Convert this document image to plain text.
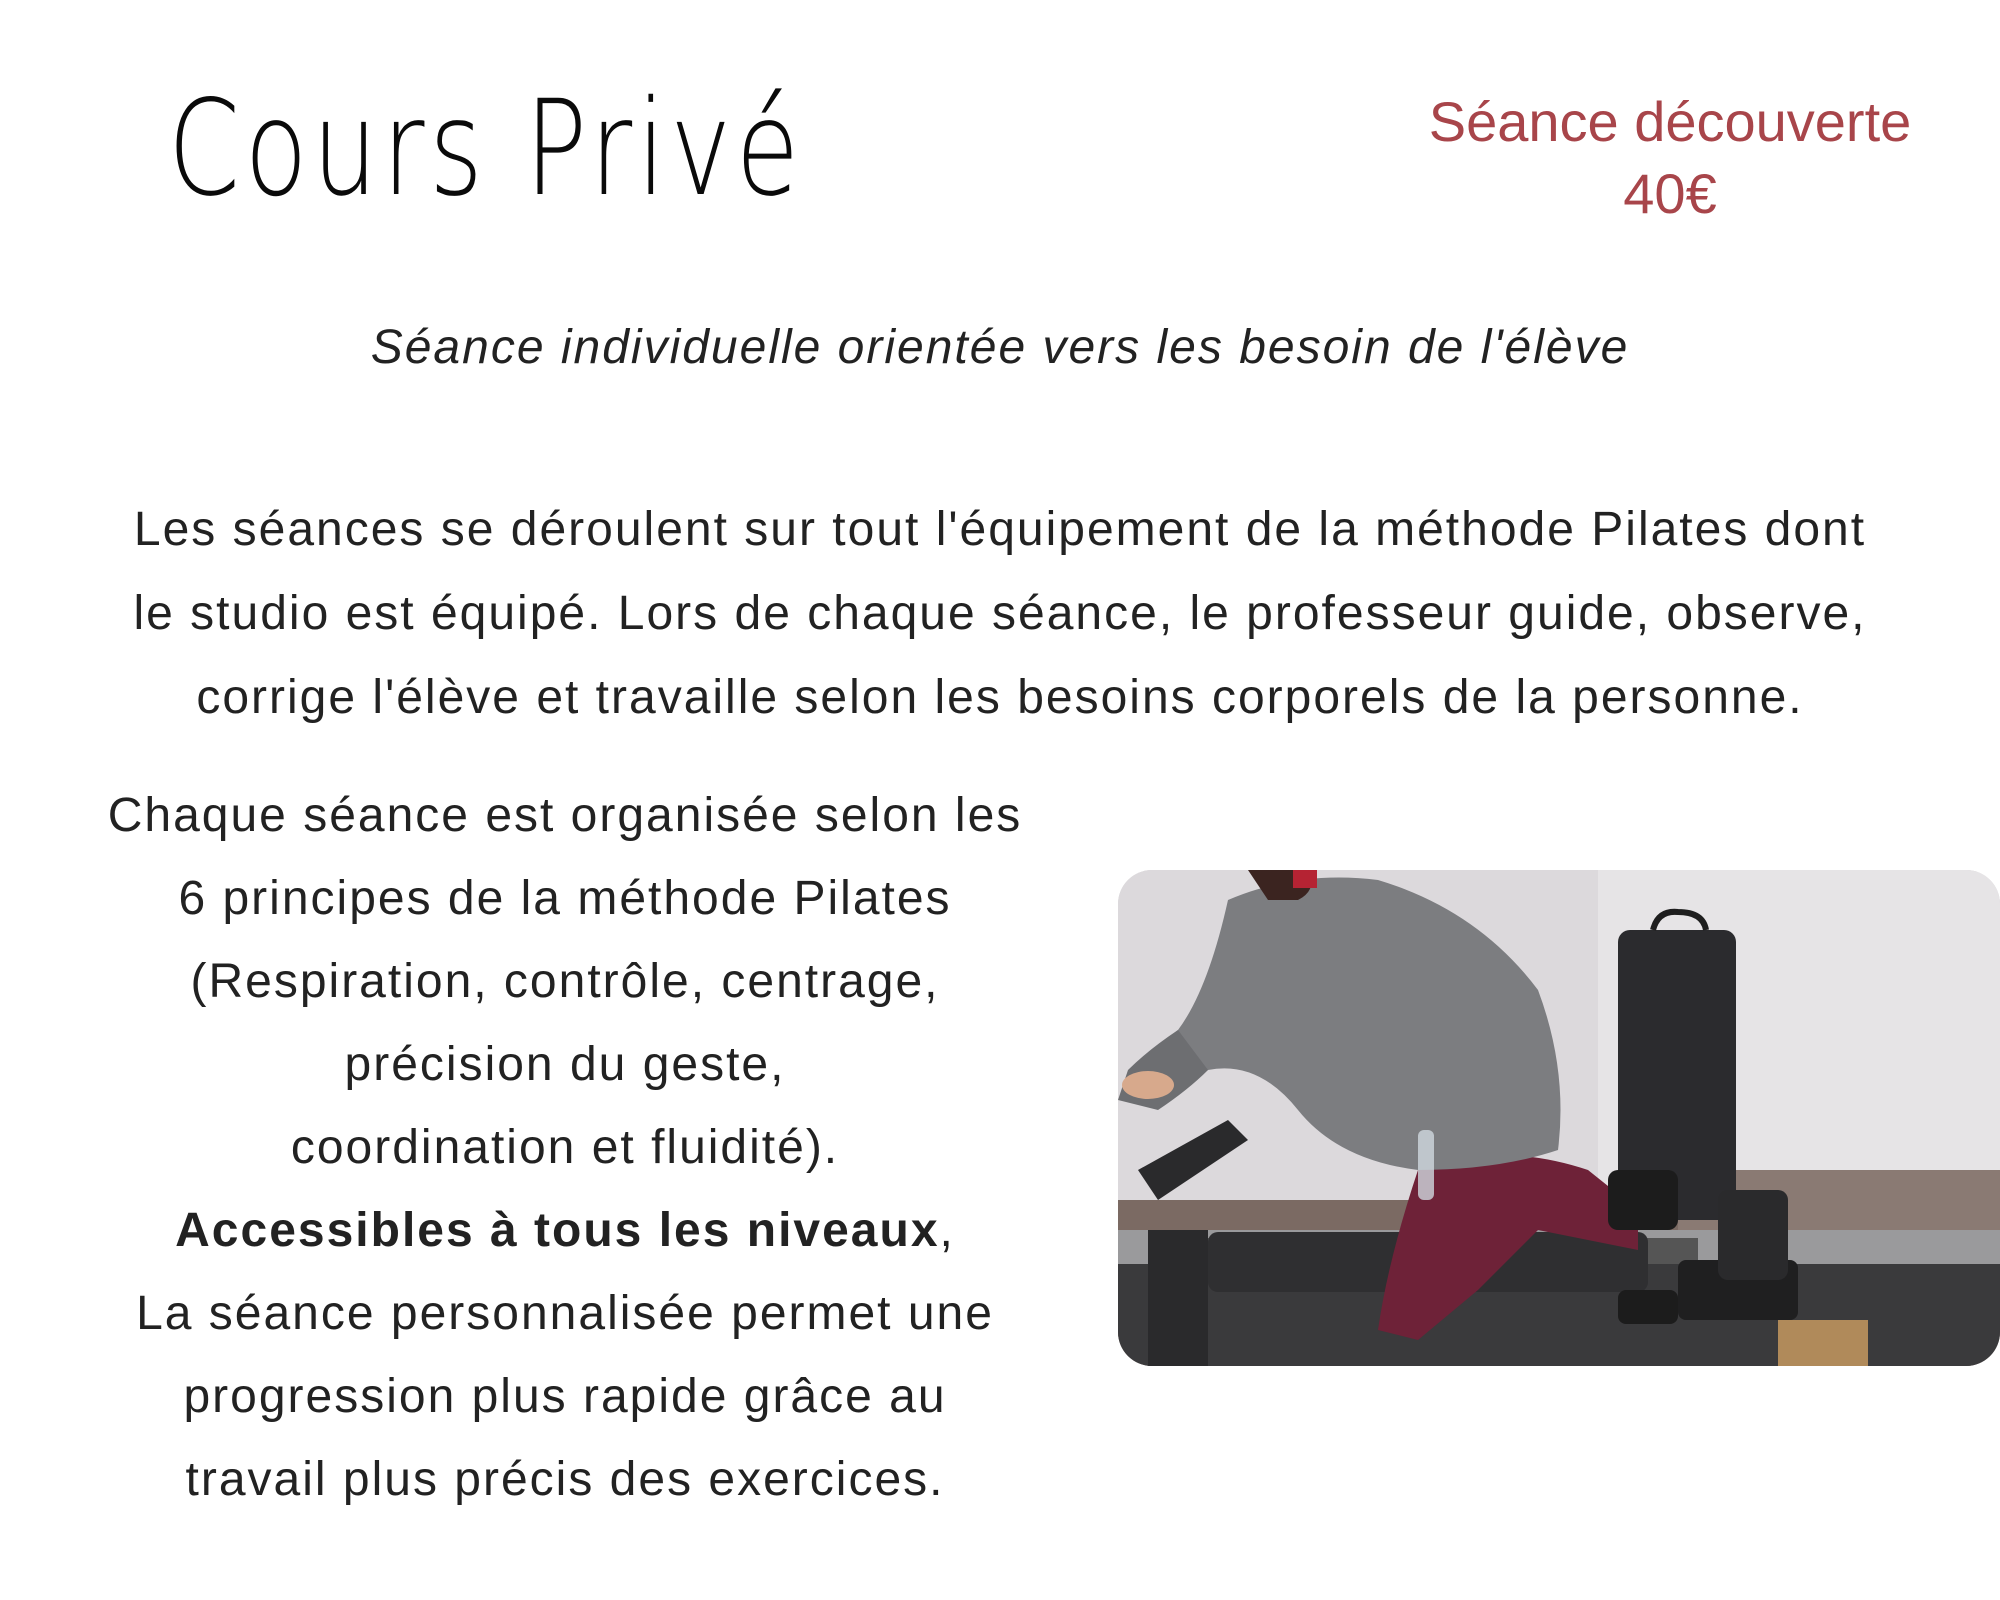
Cours Privé	Séance découverte
40€
Séance individuelle orientée vers les besoin de l'élève
Les séances se déroulent sur tout l'équipement de la méthode Pilates dont
le studio est équipé. Lors de chaque séance, le professeur guide, observe,
corrige l'élève et travaille selon les besoins corporels de la personne.
Chaque séance est organisée selon les
6 principes de la méthode Pilates
(Respiration, contrôle, centrage,
précision du geste,
coordination et fluidité).
Accessibles à tous les niveaux,
La séance personnalisée permet une
progression plus rapide grâce au
travail plus précis des exercices.
